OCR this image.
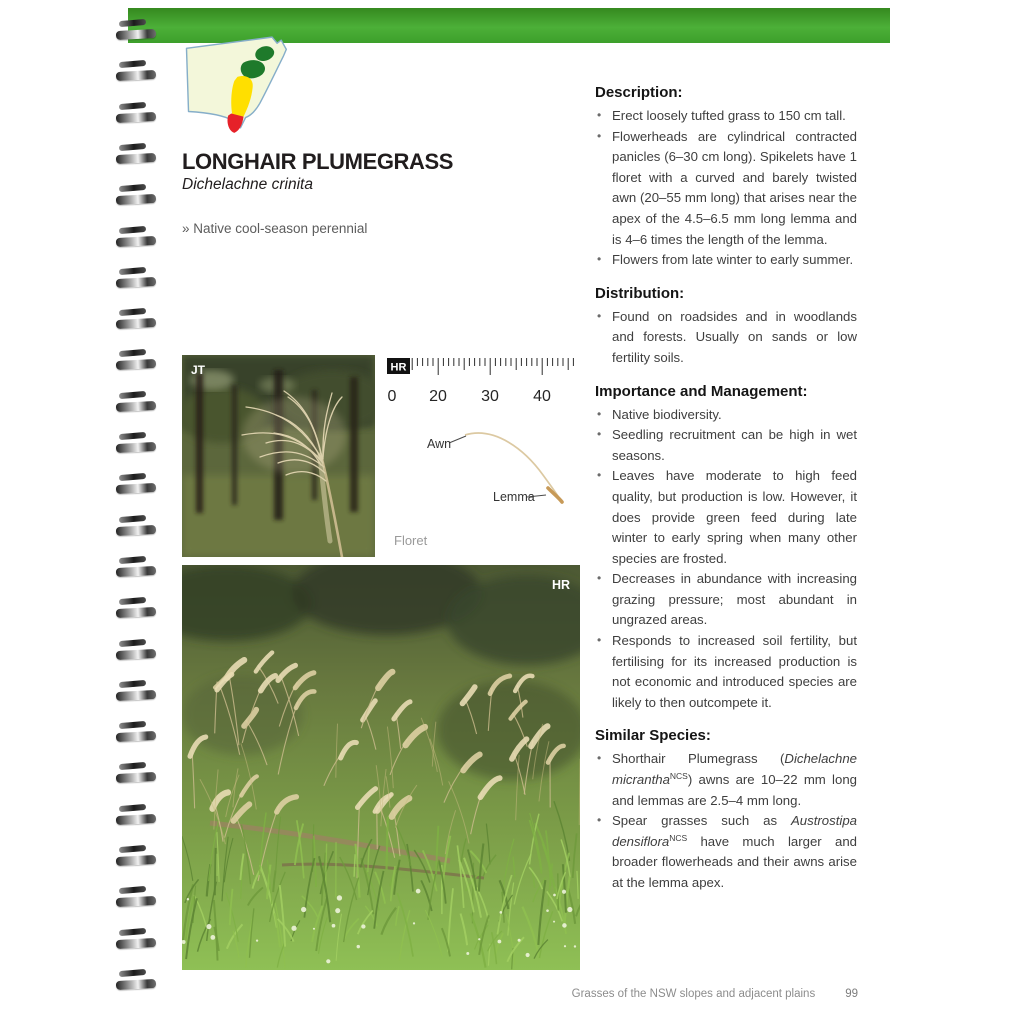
LONGHAIR PLUMEGRASS
Dichelachne crinita
» Native cool-season perennial
JT	HR
0 20 30 40
Awn
Lemma
Floret
HR
Description:
• Erect loosely tufted grass to 150 cm tall.
• Flowerheads are cylindrical contracted panicles (6–30 cm long). Spikelets have 1 floret with a curved and barely twisted awn (20–55 mm long) that arises near the apex of the 4.5–6.5 mm long lemma and is 4–6 times the length of the lemma.
• Flowers from late winter to early summer.
Distribution:
• Found on roadsides and in woodlands and forests. Usually on sands or low fertility soils.
Importance and Management:
• Native biodiversity.
• Seedling recruitment can be high in wet seasons.
• Leaves have moderate to high feed quality, but production is low. However, it does provide green feed during late winter to early spring when many other species are frosted.
• Decreases in abundance with increasing grazing pressure; most abundant in ungrazed areas.
• Responds to increased soil fertility, but fertilising for its increased production is not economic and introduced species are likely to then outcompete it.
Similar Species:
• Shorthair Plumegrass (Dichelachne micrantha$^{NCS}$) awns are 10–22 mm long and lemmas are 2.5–4 mm long.
• Spear grasses such as Austrostipa densiflora$^{NCS}$ have much larger and broader flowerheads and their awns arise at the lemma apex.
Grasses of the NSW slopes and adjacent plains	99
